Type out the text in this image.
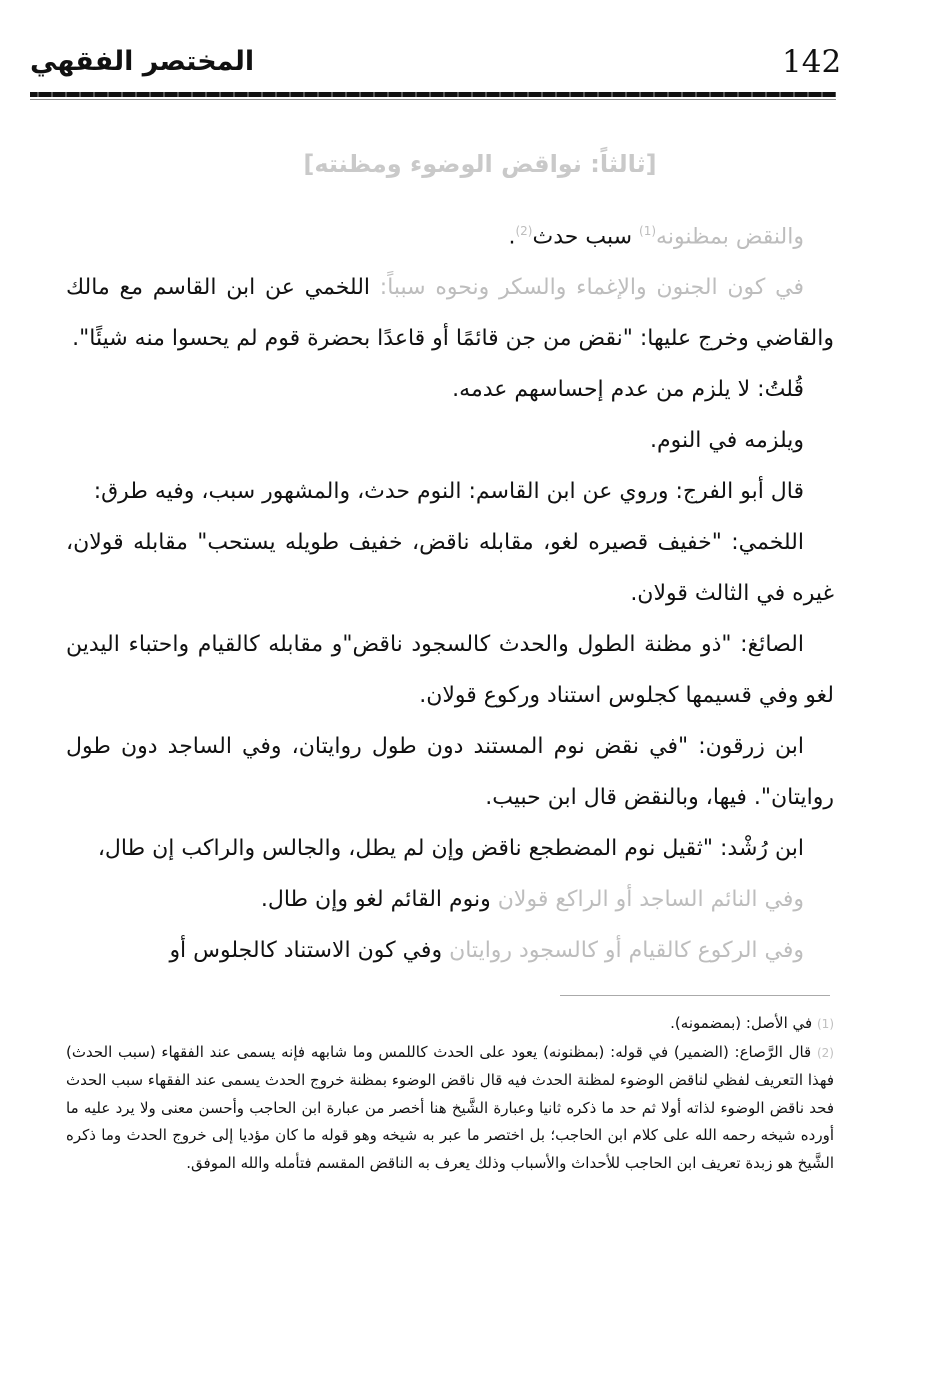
142
المختصر الفقهي
[ثالثاً: نواقض الوضوء ومظنته]

والنقض بمظنونه$^{(1)}$ سبب حدث$^{(2)}$.

في كون الجنون والإغماء والسكر ونحوه سبباً: اللخمي عن ابن القاسم مع مالك والقاضي وخرج عليها: "نقض من جن قائمًا أو قاعدًا بحضرة قوم لم يحسوا منه شيئًا".

قُلتُ: لا يلزم من عدم إحساسهم عدمه.

ويلزمه في النوم.

قال أبو الفرج: وروي عن ابن القاسم: النوم حدث، والمشهور سبب، وفيه طرق:

اللخمي: "خفيف قصيره لغو، مقابله ناقض، خفيف طويله يستحب" مقابله قولان، غيره في الثالث قولان.

الصائغ: "ذو مظنة الطول والحدث كالسجود ناقض"و مقابله كالقيام واحتباء اليدين لغو وفي قسيمها كجلوس استناد وركوع قولان.

ابن زرقون: "في نقض نوم المستند دون طول روايتان، وفي الساجد دون طول روايتان". فيها، وبالنقض قال ابن حبيب.

ابن رُشْد: "ثقيل نوم المضطجع ناقض وإن لم يطل، والجالس والراكب إن طال،

وفي النائم الساجد أو الراكع قولان ونوم القائم لغو وإن طال.

وفي الركوع كالقيام أو كالسجود روايتان وفي كون الاستناد كالجلوس أو

(1) في الأصل: (بمضمونه).

(2) قال الرَّصاع: (الضمير) في قوله: (بمظنونه) يعود على الحدث كاللمس وما شابهه فإنه يسمى عند الفقهاء (سبب الحدث) فهذا التعريف لفظي لناقض الوضوء لمظنة الحدث فيه قال ناقض الوضوء بمظنة خروج الحدث يسمى عند الفقهاء سبب الحدث فحد ناقض الوضوء لذاته أولا ثم حد ما ذكره ثانيا وعبارة الشَّيخ هنا أخصر من عبارة ابن الحاجب وأحسن معنى ولا يرد عليه ما أورده شيخه رحمه الله على كلام ابن الحاجب؛ بل اختصر ما عبر به شيخه وهو قوله ما كان مؤديا إلى خروج الحدث وما ذكره الشَّيخ هو زبدة تعريف ابن الحاجب للأحداث والأسباب وذلك يعرف به الناقض المقسم فتأمله والله الموفق.
